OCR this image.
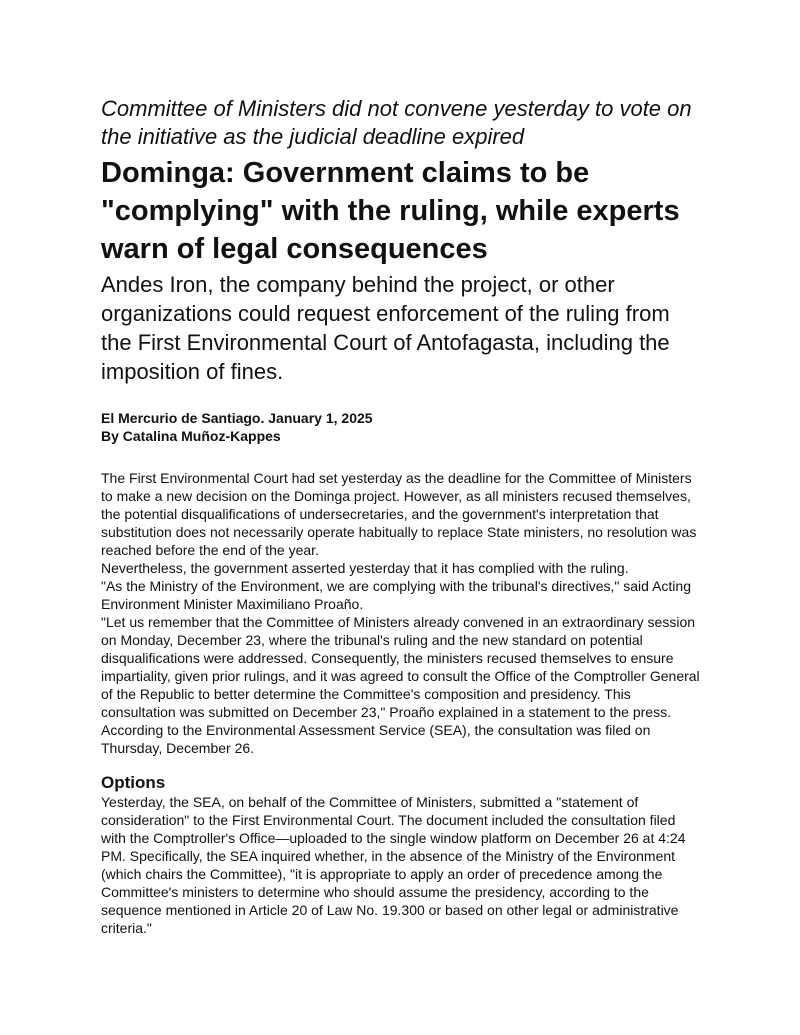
Committee of Ministers did not convene yesterday to vote on the initiative as the judicial deadline expired
Dominga: Government claims to be "complying" with the ruling, while experts warn of legal consequences
Andes Iron, the company behind the project, or other organizations could request enforcement of the ruling from the First Environmental Court of Antofagasta, including the imposition of fines.
El Mercurio de Santiago. January 1, 2025
By Catalina Muñoz-Kappes

The First Environmental Court had set yesterday as the deadline for the Committee of Ministers to make a new decision on the Dominga project. However, as all ministers recused themselves, the potential disqualifications of undersecretaries, and the government's interpretation that substitution does not necessarily operate habitually to replace State ministers, no resolution was reached before the end of the year.

Nevertheless, the government asserted yesterday that it has complied with the ruling.

"As the Ministry of the Environment, we are complying with the tribunal's directives," said Acting Environment Minister Maximiliano Proaño.

"Let us remember that the Committee of Ministers already convened in an extraordinary session on Monday, December 23, where the tribunal's ruling and the new standard on potential disqualifications were addressed. Consequently, the ministers recused themselves to ensure impartiality, given prior rulings, and it was agreed to consult the Office of the Comptroller General of the Republic to better determine the Committee's composition and presidency. This consultation was submitted on December 23," Proaño explained in a statement to the press.

According to the Environmental Assessment Service (SEA), the consultation was filed on Thursday, December 26.

Options

Yesterday, the SEA, on behalf of the Committee of Ministers, submitted a "statement of consideration" to the First Environmental Court. The document included the consultation filed with the Comptroller's Office—uploaded to the single window platform on December 26 at 4:24 PM. Specifically, the SEA inquired whether, in the absence of the Ministry of the Environment (which chairs the Committee), "it is appropriate to apply an order of precedence among the Committee's ministers to determine who should assume the presidency, according to the sequence mentioned in Article 20 of Law No. 19.300 or based on other legal or administrative criteria."
